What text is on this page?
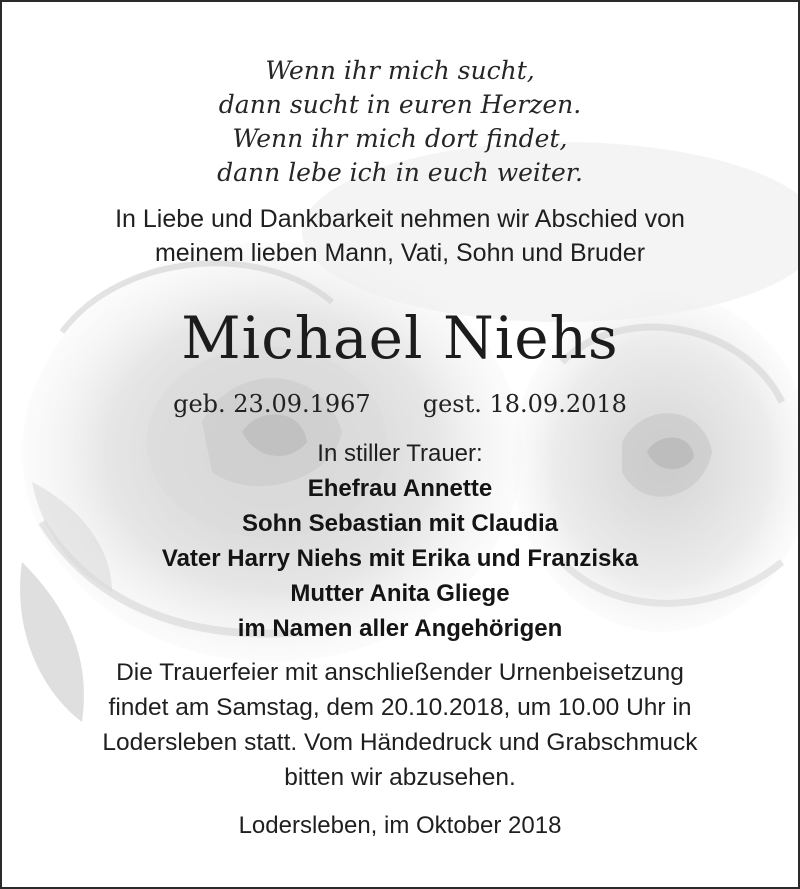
Wenn ihr mich sucht,
dann sucht in euren Herzen.
Wenn ihr mich dort findet,
dann lebe ich in euch weiter.
In Liebe und Dankbarkeit nehmen wir Abschied von
meinem lieben Mann, Vati, Sohn und Bruder
Michael Niehs
geb. 23.09.1967 gest. 18.09.2018
In stiller Trauer:
Ehefrau Annette
Sohn Sebastian mit Claudia
Vater Harry Niehs mit Erika und Franziska
Mutter Anita Gliege
im Namen aller Angehörigen
Die Trauerfeier mit anschließender Urnenbeisetzung
findet am Samstag, dem 20.10.2018, um 10.00 Uhr in
Lodersleben statt. Vom Händedruck und Grabschmuck
bitten wir abzusehen.
Lodersleben, im Oktober 2018
